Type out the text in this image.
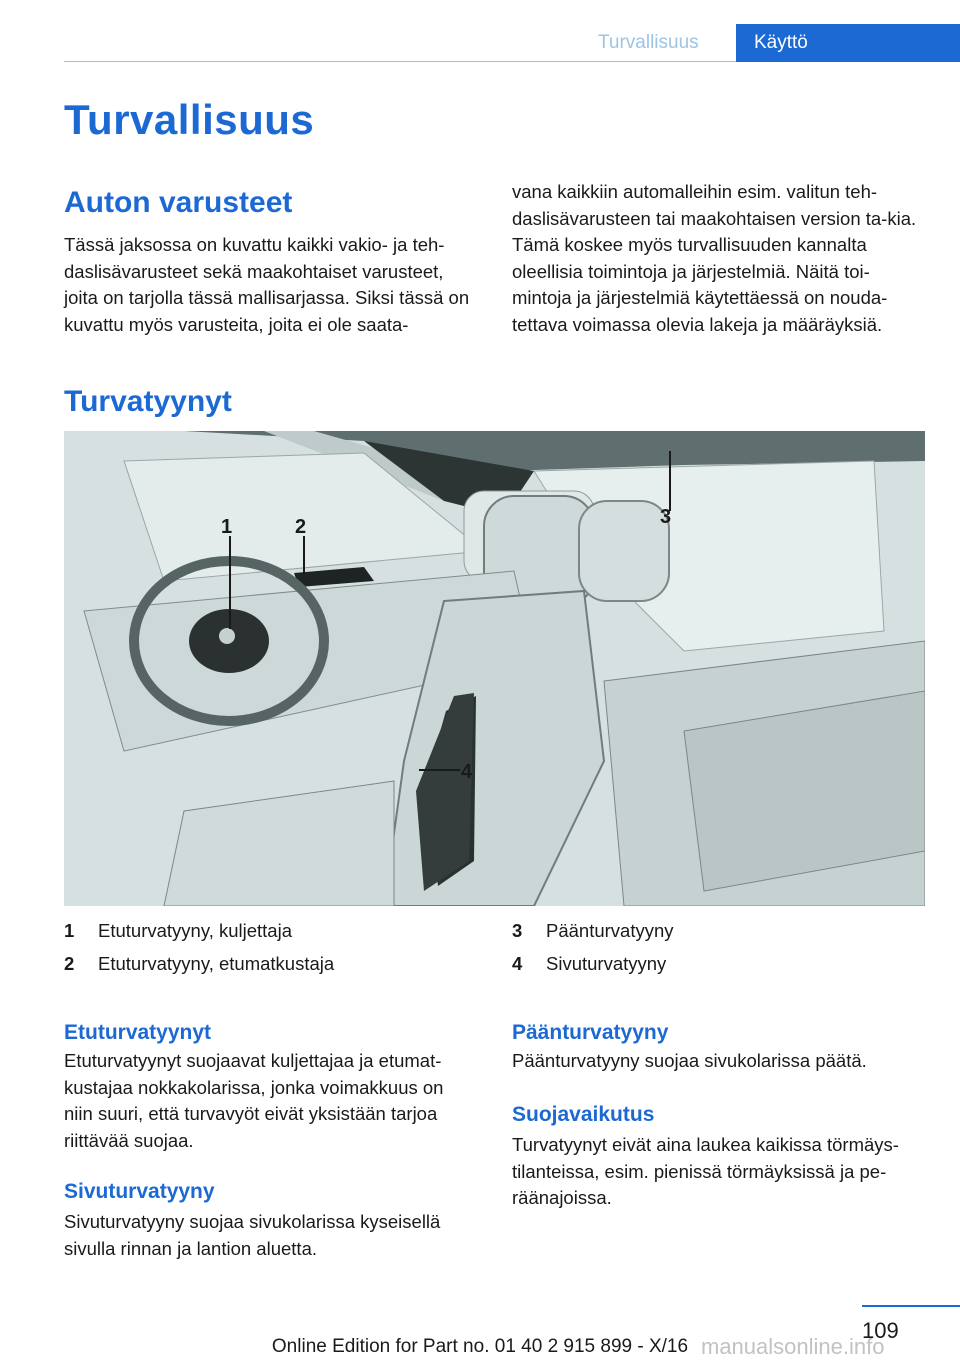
Turvallisuus	Käyttö
Turvallisuus
Auton varusteet

Tässä jaksossa on kuvattu kaikki vakio- ja teh-daslisävarusteet sekä maakohtaiset varusteet, joita on tarjolla tässä mallisarjassa. Siksi tässä on kuvattu myös varusteita, joita ei ole saata-

vana kaikkiin automalleihin esim. valitun teh-daslisävarusteen tai maakohtaisen version ta-kia. Tämä koskee myös turvallisuuden kannalta oleellisia toimintoja ja järjestelmiä. Näitä toi-mintoja ja järjestelmiä käytettäessä on nouda-tettava voimassa olevia lakeja ja määräyksiä.

Turvatyynyt
1	2	3
4
1 Etuturvatyyny, kuljettaja
2 Etuturvatyyny, etumatkustaja
3 Päänturvatyyny
4 Sivuturvatyyny
Etuturvatyynyt

Etuturvatyynyt suojaavat kuljettajaa ja etumat-kustajaa nokkakolarissa, jonka voimakkuus on niin suuri, että turvavyöt eivät yksistään tarjoa riittävää suojaa.

Sivuturvatyyny

Sivuturvatyyny suojaa sivukolarissa kyseisellä sivulla rinnan ja lantion aluetta.

Päänturvatyyny

Päänturvatyyny suojaa sivukolarissa päätä.

Suojavaikutus

Turvatyynyt eivät aina laukea kaikissa törmäys-tilanteissa, esim. pienissä törmäyksissä ja pe-räänajoissa.

109
Online Edition for Part no. 01 40 2 915 899 - X/16 manualsonline.info
